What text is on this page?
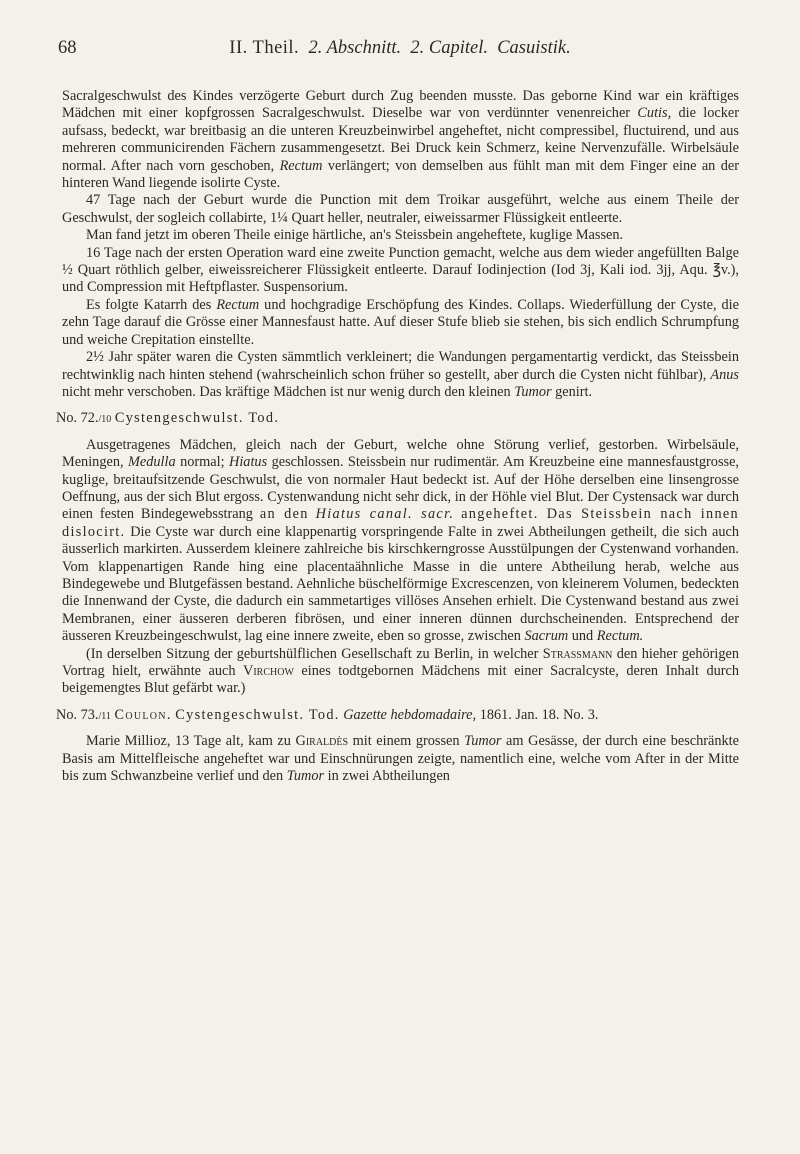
68	II. Theil. 2. Abschnitt. 2. Capitel. Casuistik.

Sacralgeschwulst des Kindes verzögerte Geburt durch Zug beenden musste. Das geborne Kind war ein kräftiges Mädchen mit einer kopfgrossen Sacralgeschwulst. Dieselbe war von verdünnter venenreicher Cutis, die locker aufsass, bedeckt, war breitbasig an die unteren Kreuzbeinwirbel angeheftet, nicht compressibel, fluctuirend, und aus mehreren communicirenden Fächern zusammengesetzt. Bei Druck kein Schmerz, keine Nervenzufälle. Wirbelsäule normal. After nach vorn geschoben, Rectum verlängert; von demselben aus fühlt man mit dem Finger eine an der hinteren Wand liegende isolirte Cyste.

47 Tage nach der Geburt wurde die Punction mit dem Troikar ausgeführt, welche aus einem Theile der Geschwulst, der sogleich collabirte, 1¼ Quart heller, neutraler, eiweissarmer Flüssigkeit entleerte.

Man fand jetzt im oberen Theile einige härtliche, an's Steissbein angeheftete, kuglige Massen.

16 Tage nach der ersten Operation ward eine zweite Punction gemacht, welche aus dem wieder angefüllten Balge ½ Quart röthlich gelber, eiweissreicherer Flüssigkeit entleerte. Darauf Iodinjection (Iod 3j, Kali iod. 3jj, Aqu. ℥v.), und Compression mit Heftpflaster. Suspensorium.

Es folgte Katarrh des Rectum und hochgradige Erschöpfung des Kindes. Collaps. Wiederfüllung der Cyste, die zehn Tage darauf die Grösse einer Mannesfaust hatte. Auf dieser Stufe blieb sie stehen, bis sich endlich Schrumpfung und weiche Crepitation einstellte.

2½ Jahr später waren die Cysten sämmtlich verkleinert; die Wandungen pergamentartig verdickt, das Steissbein rechtwinklig nach hinten stehend (wahrscheinlich schon früher so gestellt, aber durch die Cysten nicht fühlbar), Anus nicht mehr verschoben. Das kräftige Mädchen ist nur wenig durch den kleinen Tumor genirt.

No. 72./10 Cystengeschwulst. Tod.

Ausgetragenes Mädchen, gleich nach der Geburt, welche ohne Störung verlief, gestorben. Wirbelsäule, Meningen, Medulla normal; Hiatus geschlossen. Steissbein nur rudimentär. Am Kreuzbeine eine mannesfaustgrosse, kuglige, breitaufsitzende Geschwulst, die von normaler Haut bedeckt ist. Auf der Höhe derselben eine linsengrosse Oeffnung, aus der sich Blut ergoss. Cystenwandung nicht sehr dick, in der Höhle viel Blut. Der Cystensack war durch einen festen Bindegewebsstrang an den Hiatus canal. sacr. angeheftet. Das Steissbein nach innen dislocirt. Die Cyste war durch eine klappenartig vorspringende Falte in zwei Abtheilungen getheilt, die sich auch äusserlich markirten. Ausserdem kleinere zahlreiche bis kirschkerngrosse Ausstülpungen der Cystenwand vorhanden. Vom klappenartigen Rande hing eine placentaähnliche Masse in die untere Abtheilung herab, welche aus Bindegewebe und Blutgefässen bestand. Aehnliche büschelförmige Excrescenzen, von kleinerem Volumen, bedeckten die Innenwand der Cyste, die dadurch ein sammetartiges villöses Ansehen erhielt. Die Cystenwand bestand aus zwei Membranen, einer äusseren derberen fibrösen, und einer inneren dünnen durchscheinenden. Entsprechend der äusseren Kreuzbeingeschwulst, lag eine innere zweite, eben so grosse, zwischen Sacrum und Rectum.

(In derselben Sitzung der geburtshülflichen Gesellschaft zu Berlin, in welcher Strassmann den hieher gehörigen Vortrag hielt, erwähnte auch Virchow eines todtgebornen Mädchens mit einer Sacralcyste, deren Inhalt durch beigemengtes Blut gefärbt war.)

No. 73./11 Coulon. Cystengeschwulst. Tod. Gazette hebdomadaire, 1861. Jan. 18. No. 3.

Marie Millioz, 13 Tage alt, kam zu Giraldès mit einem grossen Tumor am Gesässe, der durch eine beschränkte Basis am Mittelfleische angeheftet war und Einschnürungen zeigte, namentlich eine, welche vom After in der Mitte bis zum Schwanzbeine verlief und den Tumor in zwei Abtheilungen
